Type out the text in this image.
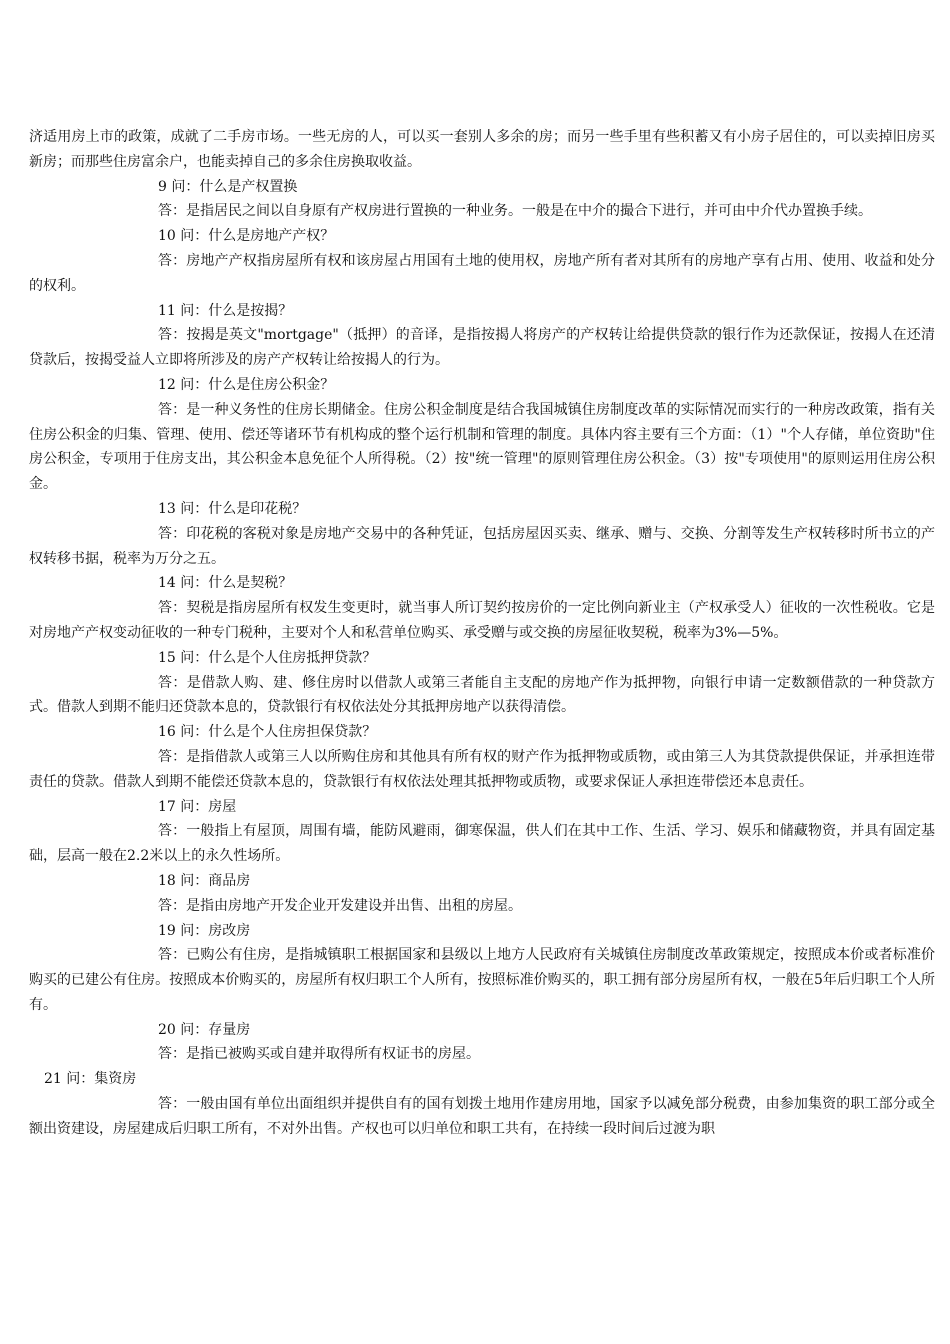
济适用房上市的政策，成就了二手房市场。一些无房的人，可以买一套别人多余的房；而另一些手里有些积蓄又有小房子居住的，可以卖掉旧房买新房；而那些住房富余户，也能卖掉自己的多余住房换取收益。

9 问：什么是产权置换

答：是指居民之间以自身原有产权房进行置换的一种业务。一般是在中介的撮合下进行，并可由中介代办置换手续。

10 问：什么是房地产产权？

答：房地产产权指房屋所有权和该房屋占用国有土地的使用权，房地产所有者对其所有的房地产享有占用、使用、收益和处分的权利。

11 问：什么是按揭？

答：按揭是英文"mortgage"（抵押）的音译，是指按揭人将房产的产权转让给提供贷款的银行作为还款保证，按揭人在还清贷款后，按揭受益人立即将所涉及的房产产权转让给按揭人的行为。

12 问：什么是住房公积金？

答：是一种义务性的住房长期储金。住房公积金制度是结合我国城镇住房制度改革的实际情况而实行的一种房改政策，指有关住房公积金的归集、管理、使用、偿还等诸环节有机构成的整个运行机制和管理的制度。具体内容主要有三个方面：（1）"个人存储，单位资助"住房公积金，专项用于住房支出，其公积金本息免征个人所得税。（2）按"统一管理"的原则管理住房公积金。（3）按"专项使用"的原则运用住房公积金。

13 问：什么是印花税？

答：印花税的客税对象是房地产交易中的各种凭证，包括房屋因买卖、继承、赠与、交换、分割等发生产权转移时所书立的产权转移书据，税率为万分之五。

14 问：什么是契税？

答：契税是指房屋所有权发生变更时，就当事人所订契约按房价的一定比例向新业主（产权承受人）征收的一次性税收。它是对房地产产权变动征收的一种专门税种，主要对个人和私营单位购买、承受赠与或交换的房屋征收契税，税率为3%—5%。

15 问：什么是个人住房抵押贷款？

答：是借款人购、建、修住房时以借款人或第三者能自主支配的房地产作为抵押物，向银行申请一定数额借款的一种贷款方式。借款人到期不能归还贷款本息的，贷款银行有权依法处分其抵押房地产以获得清偿。

16 问：什么是个人住房担保贷款？

答：是指借款人或第三人以所购住房和其他具有所有权的财产作为抵押物或质物，或由第三人为其贷款提供保证，并承担连带责任的贷款。借款人到期不能偿还贷款本息的，贷款银行有权依法处理其抵押物或质物，或要求保证人承担连带偿还本息责任。

17 问：房屋

答：一般指上有屋顶，周围有墙，能防风避雨，御寒保温，供人们在其中工作、生活、学习、娱乐和储藏物资，并具有固定基础，层高一般在2.2米以上的永久性场所。

18 问：商品房

答：是指由房地产开发企业开发建设并出售、出租的房屋。

19 问：房改房

答：已购公有住房，是指城镇职工根据国家和县级以上地方人民政府有关城镇住房制度改革政策规定，按照成本价或者标准价购买的已建公有住房。按照成本价购买的，房屋所有权归职工个人所有，按照标准价购买的，职工拥有部分房屋所有权，一般在5年后归职工个人所有。

20 问：存量房

答：是指已被购买或自建并取得所有权证书的房屋。

21 问：集资房

答：一般由国有单位出面组织并提供自有的国有划拨土地用作建房用地，国家予以减免部分税费，由参加集资的职工部分或全额出资建设，房屋建成后归职工所有，不对外出售。产权也可以归单位和职工共有，在持续一段时间后过渡为职
